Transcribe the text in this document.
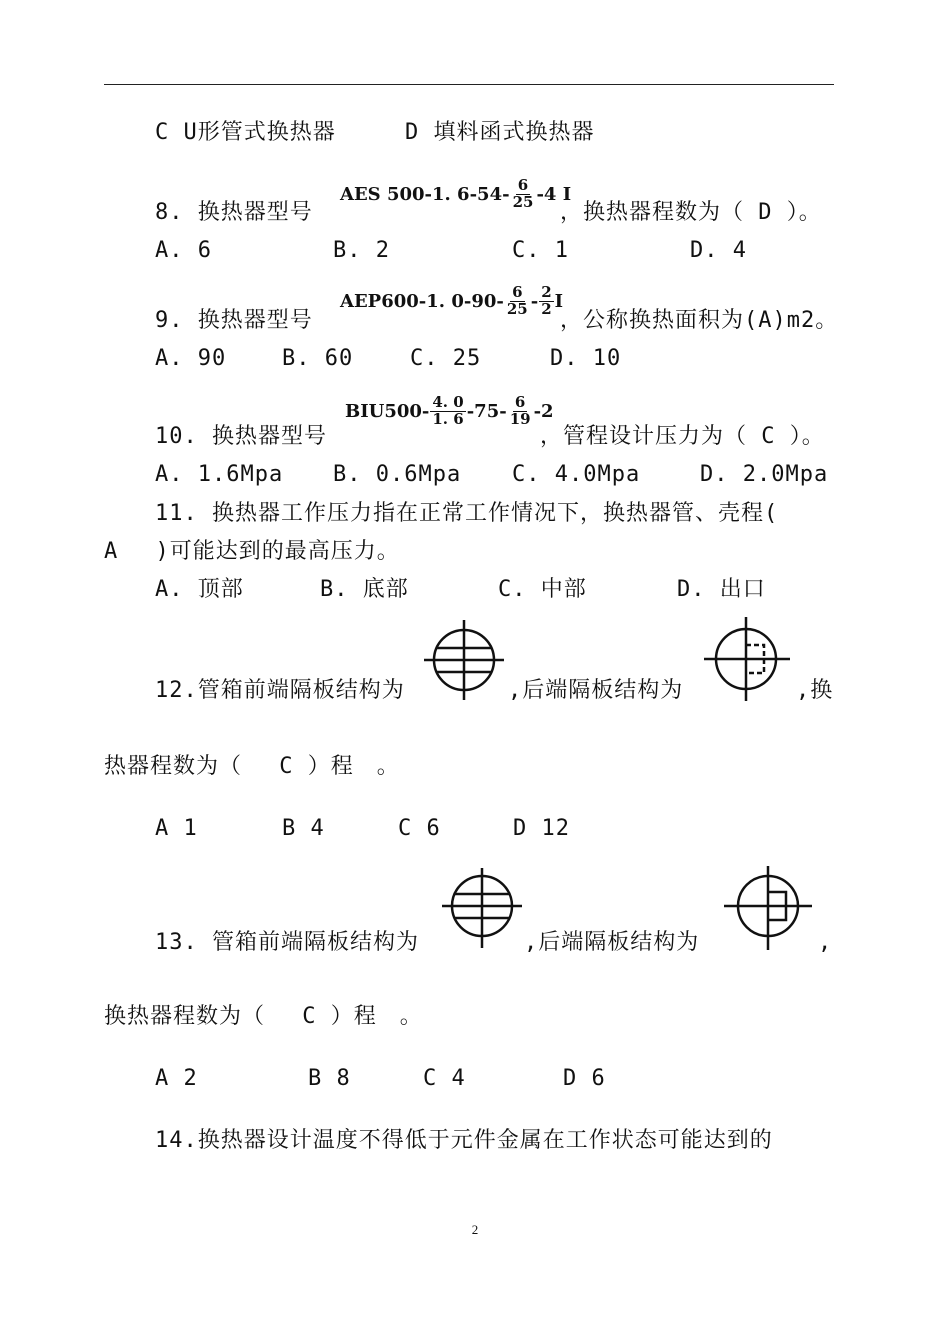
C U形管式换热器	D 填料函式换热器
AES 500-1. $6-54- \frac{6}{25} -4$ I
8. 换热器型号	，换热器程数为（ D ）。
A. 6	B. 2	C. 1	D. 4
AEP600-1. $0-90- \frac{6}{25} - \frac{2}{2}$ I
9. 换热器型号	，公称换热面积为(A)m2。
A. 90	B. 60	C. 25	D. 10
$BIU500- \frac{4. 0}{1. 6} -75- \frac{6}{19} -2$
10. 换热器型号	，管程设计压力为（ C ）。
A. 1.6Mpa B. 0.6Mpa C. 4.0Mpa	D. 2.0Mpa
11. 换热器工作压力指在正常工作情况下，换热器管、壳程(
A　 )可能达到的最高压力。
A. 顶部	B. 底部	C. 中部	D. 出口
12.管箱前端隔板结构为	,后端隔板结构为	,换
热器程数为（　 C ）程　。
A 1	B 4	C 6	D 12
13. 管箱前端隔板结构为	,后端隔板结构为	,
换热器程数为（　 C ）程　。
A 2	B 8	C 4	D 6
14.换热器设计温度不得低于元件金属在工作状态可能达到的
2
